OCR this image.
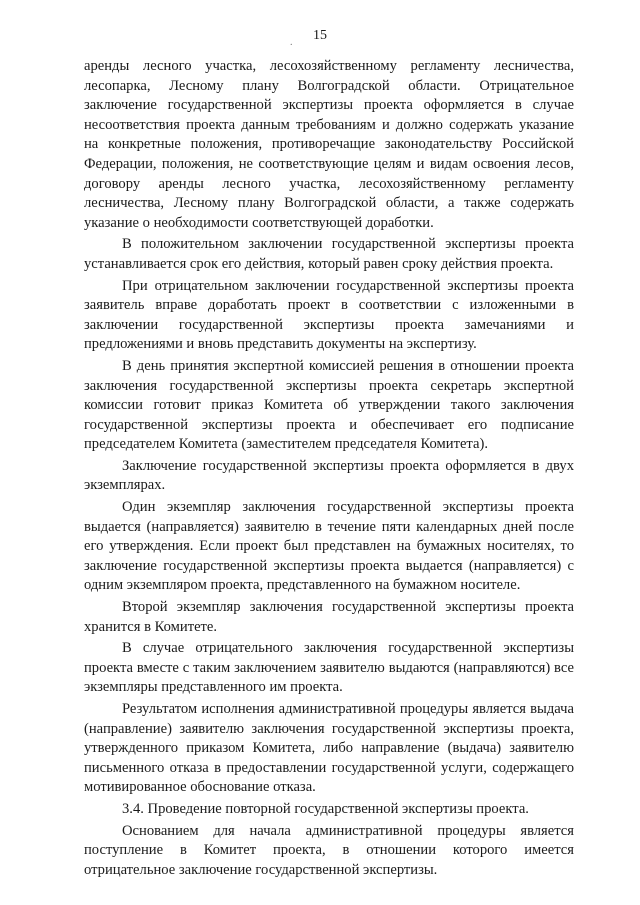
15
.

аренды лесного участка, лесохозяйственному регламенту лесничества, лесопарка, Лесному плану Волгоградской области. Отрицательное заключение государственной экспертизы проекта оформляется в случае несоответствия проекта данным требованиям и должно содержать указание на конкретные положения, противоречащие законодательству Российской Федерации, положения, не соответствующие целям и видам освоения лесов, договору аренды лесного участка, лесохозяйственному регламенту лесничества, Лесному плану Волгоградской области, а также содержать указание о необходимости соответствующей доработки.

В положительном заключении государственной экспертизы проекта устанавливается срок его действия, который равен сроку действия проекта.

При отрицательном заключении государственной экспертизы проекта заявитель вправе доработать проект в соответствии с изложенными в заключении государственной экспертизы проекта замечаниями и предложениями и вновь представить документы на экспертизу.

В день принятия экспертной комиссией решения в отношении проекта заключения государственной экспертизы проекта секретарь экспертной комиссии готовит приказ Комитета об утверждении такого заключения государственной экспертизы проекта и обеспечивает его подписание председателем Комитета (заместителем председателя Комитета).

Заключение государственной экспертизы проекта оформляется в двух экземплярах.

Один экземпляр заключения государственной экспертизы проекта выдается (направляется) заявителю в течение пяти календарных дней после его утверждения. Если проект был представлен на бумажных носителях, то заключение государственной экспертизы проекта выдается (направляется) с одним экземпляром проекта, представленного на бумажном носителе.

Второй экземпляр заключения государственной экспертизы проекта хранится в Комитете.

В случае отрицательного заключения государственной экспертизы проекта вместе с таким заключением заявителю выдаются (направляются) все экземпляры представленного им проекта.

Результатом исполнения административной процедуры является выдача (направление) заявителю заключения государственной экспертизы проекта, утвержденного приказом Комитета, либо направление (выдача) заявителю письменного отказа в предоставлении государственной услуги, содержащего мотивированное обоснование отказа.

3.4. Проведение повторной государственной экспертизы проекта.

Основанием для начала административной процедуры является поступление в Комитет проекта, в отношении которого имеется отрицательное заключение государственной экспертизы.
